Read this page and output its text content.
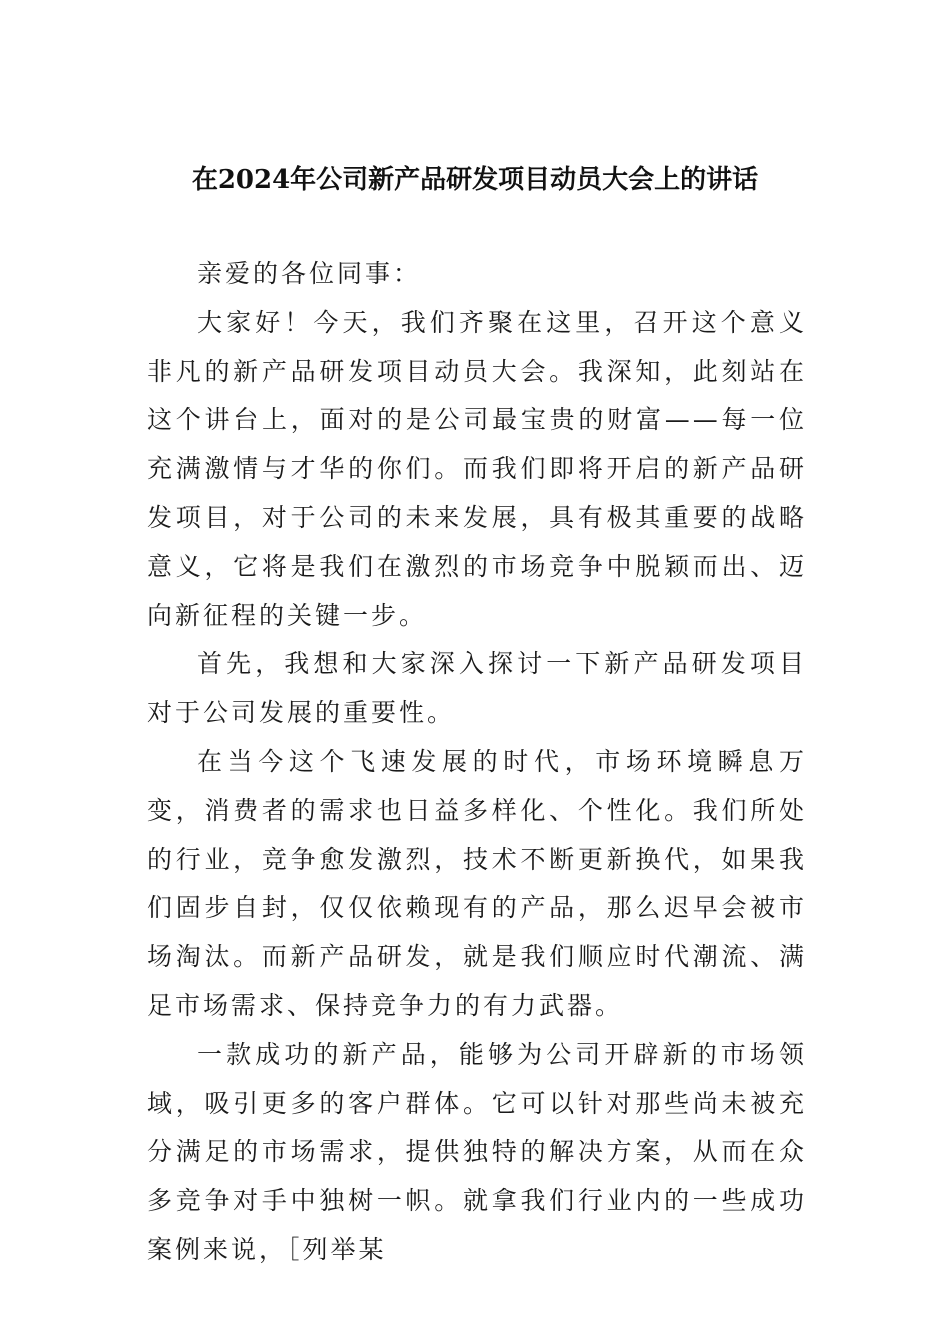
在2024年公司新产品研发项目动员大会上的讲话

亲爱的各位同事：

大家好！今天，我们齐聚在这里，召开这个意义非凡的新产品研发项目动员大会。我深知，此刻站在这个讲台上，面对的是公司最宝贵的财富——每一位充满激情与才华的你们。而我们即将开启的新产品研发项目，对于公司的未来发展，具有极其重要的战略意义，它将是我们在激烈的市场竞争中脱颖而出、迈向新征程的关键一步。

首先，我想和大家深入探讨一下新产品研发项目对于公司发展的重要性。

在当今这个飞速发展的时代，市场环境瞬息万变，消费者的需求也日益多样化、个性化。我们所处的行业，竞争愈发激烈，技术不断更新换代，如果我们固步自封，仅仅依赖现有的产品，那么迟早会被市场淘汰。而新产品研发，就是我们顺应时代潮流、满足市场需求、保持竞争力的有力武器。

一款成功的新产品，能够为公司开辟新的市场领域，吸引更多的客户群体。它可以针对那些尚未被充分满足的市场需求，提供独特的解决方案，从而在众多竞争对手中独树一帜。就拿我们行业内的一些成功案例来说，［列举某
